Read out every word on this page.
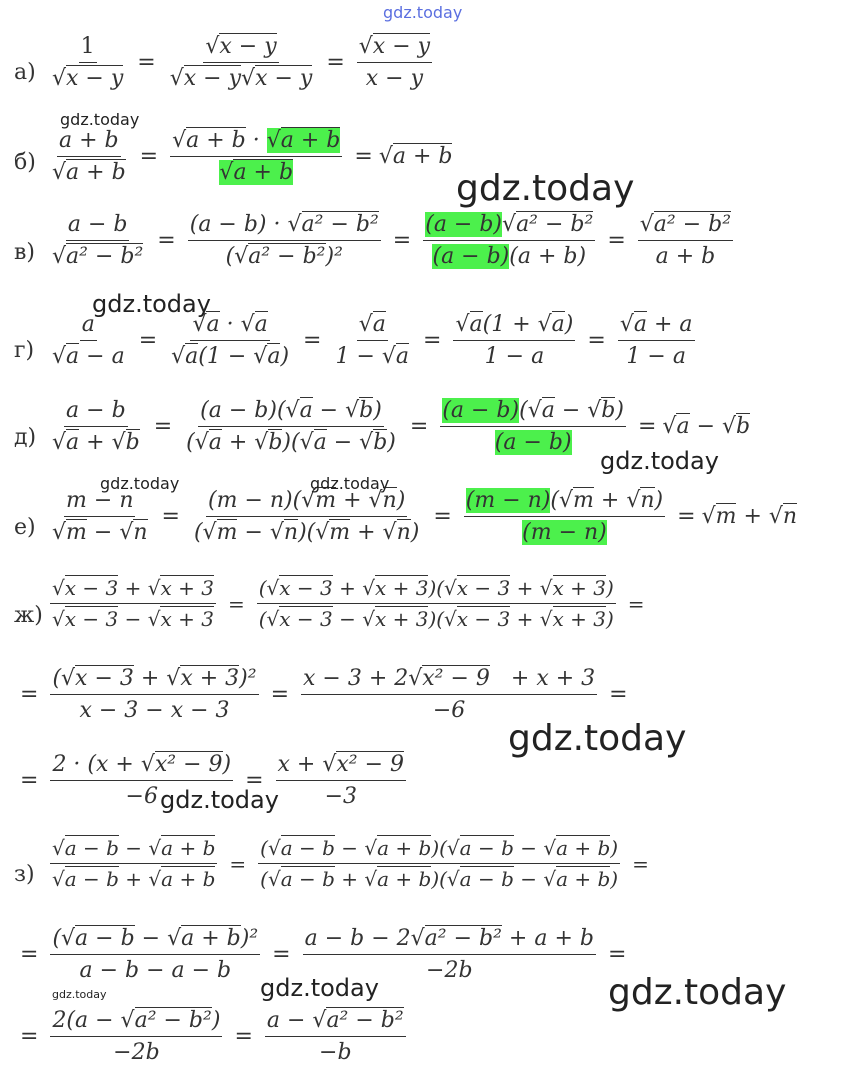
gdz.today
$а) \frac{1}{√x - y} = \frac{√x - y}{√x - y√x - y} = \frac{√x - y}{x - y}$
$б) \frac{a + b}{√a + b} = \frac{√a + b \cdot √a + b}{√a + b} = √a + b$
$в) \frac{a - b}{\text{√a² − b²}} = \frac{\text{(a − b) · √a² − b²}}{\text{(√a² − b²)²}} = \frac{\text{(a − b)√a² − b²}}{(a - b)(a + b)} = \frac{\text{√a² − b²}}{a + b}$
$г) \frac{a}{√a - a} = \frac{√a \cdot √a}{√a(1 - √a)} = \frac{√a}{1 - √a} = \frac{√a(1 + √a)}{1 - a} = \frac{√a + a}{1 - a}$
$д) \frac{a - b}{√a + √b} = \frac{(a - b)(√a - √b)}{(√a + √b)(√a - √b)} = \frac{(a - b)(√a - √b)}{(a - b)} = √a - √b$
$е) \frac{m - n}{√m - √n} = \frac{(m - n)(√m + √n)}{(√m - √n)(√m + √n)} = \frac{(m - n)(√m + √n)}{(m - n)} = √m + √n$
$ж) \frac{√x - 3 + √x + 3}{√x - 3 - √x + 3} = \frac{(√x - 3 + √x + 3)(√x - 3 + √x + 3)}{(√x - 3 - √x + 3)(√x - 3 + √x + 3)}$ =
= $\frac{\text{(√x − 3 + √x + 3)²}}{x - 3 - x - 3} = \frac{\text{x − 3 + 2√x² − 9   + x + 3}}{-6}$ =
= $\frac{\text{2 · (x + √x² − 9)}}{-6} = \frac{\text{x + √x² − 9}}{-3}$
$з) \frac{√a - b - √a + b}{√a - b + √a + b} = \frac{(√a - b - √a + b)(√a - b - √a + b)}{(√a - b + √a + b)(√a - b - √a + b)}$ =
= $\frac{\text{(√a − b − √a + b)²}}{a - b - a - b} = \frac{\text{a − b − 2√a² − b² + a + b}}{-2b}$ =
= $\frac{\text{2(a − √a² − b²)}}{-2b} = \frac{\text{a − √a² − b²}}{-b}$
gdz.today
gdz.today
gdz.today
gdz.today
gdz.today	gdz.today
gdz.today
gdz.today
gdz.today	gdz.today	gdz.today
